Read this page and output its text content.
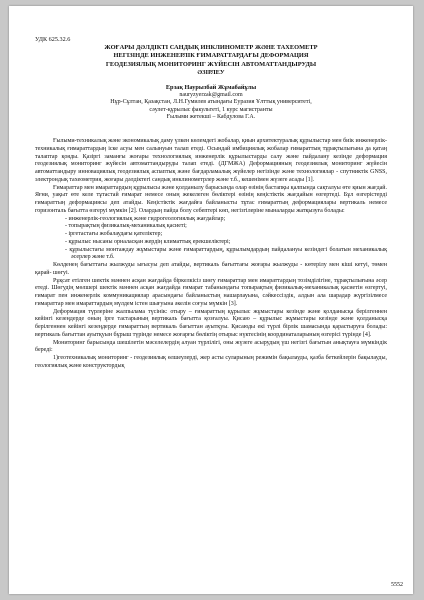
УДК 625.32.6
ЖОҒАРЫ ДӘЛДІКТІ САНДЫҚ ИНКЛИНОМЕТР ЖӘНЕ ТАХЕОМЕТР
НЕГІЗІНДЕ ИНЖЕНЕРЛІК ҒИМАРАТТАРДАҒЫ ДЕФОРМАЦИЯ
ГЕОДЕЗИЯЛЫҚ МОНИТОРИНГ ЖҮЙЕСІН АВТОМАТТАНДЫРУДЫ
ӘЗІРЛЕУ
Ерзақ Наурызбай Жұмабайұлы
nauryzyerzak@gmail.com
Нұр-Сұлтан, Қазақстан, Л.Н.Гумилев атындағы Еуразия Ұлттық университеті,
сәулет-құрылыс факультеті, 1 курс магистранты
Ғылыми жетекші – Кабдулова Г.А.

Ғылыми-техникалық және экономикалық даму үлкен көлемдегі жобалар, қиын архитектуралық құрылыстар мен биік инженерлік-техникалық ғимараттардың іске асуы мен салынуын талап етеді. Осындай имбициялық жобалар ғимараттың тұрақтылығына да қатаң талаптар қояды. Қазіргі заманғы жоғары технологиялық инженерлік құрылыстарды салу және пайдалану кезінде деформация геодезиялық мониторинг жүйесін автоматтандыруды талап етеді. (ДГМЖА) Деформацияның геодезиялық мониторинг жүйесін автоматтандыру инновациялық геодезиялық аспаптық және бағдарламалық жүйелер негізінде және технологиялар - спутниктік GNSS, электрондық тахеометрия, жоғары дәлдіктегі сандық инклинометрлер және т.б., кешенімен жүзеге асады [1].

Ғимараттар мен имараттардың құрылысы және қолданылу барысында олар өзінің бастапқы қалпында сақталуы өте қиын жағдай. Яғни, уақыт өте келе тұтастай ғимарат немесе оның жекелеген бөліктері өзінің кеңістіктік жағдайын өзгертеді. Бұл өзгерістерді ғимараттың деформациясы деп атайды. Кеңістіктік жағдайға байланысты тұтас ғимараттың деформациялары вертикаль немесе горизонталь бағытта өзгеруі мүмкін [2]. Олардың пайда болу себептері көп, негізгілеріне мыналарды жатқызуға болады:

- инженерлік-геологиялық және гидрогеологиялық жағдайлар;
- топырақтың физикалық-механикалық қасиеті;
- іргетастағы жобалаудағы қателіктер;
- құрылыс нысаны орналасқан жердің климаттық ерекшеліктері;
- құрылыстағы монтаждау жұмыстары және ғимараттардың, құрылымдардың пайдалануы кезіндегі болатын механикалық әсерлер және т.б.

Көлденең бағыттағы жылжуды ығысуы деп атайды, вертикаль бағыттағы жоғары жылжуды - көтерілу мен кіші кетуі, төмен қарай- шөгуі.

Рұқсат етілген шектік мәннен асқан жағдайда біркелкісіз шөгу ғимараттар мен имараттардың тозімділігіне, тұрақтылығына әсер етеді. Шөгудің мөлшері шектік мәннен асқан жағдайда ғимарат табанындағы топырақтың физикалық-механикалық қасиетін өзгертуі, ғимарат пен инженерлік коммуникациялар арасындағы байланыстың нашарлауына, сәйкессіздік, алдын ала шарадар жүргізілмесе ғимараттар мен имараттардың мүлдем істен шығуына әкелін соғуы мүмкін [3].

Деформация түрлеріне жалпылама түсінік: отыру – ғимараттың құрылыс жұмыстары кезінде және қолданысқа берілгеннен кейінгі кезеңдерде оның ірге тастарының вертикаль бағытта қозғалуы. Қисаю – құрылыс жұмыстары кезінде және қолданысқа берілгеннен кейінгі кезеңдерде ғимараттың вертикаль бағыттан ауытқуы. Қисаюды екі түрлі бірлік шамасында қарастыруға болады: вертикаль бағыттан ауытқуын бұрыш түрінде немесе жоғарғы бөліктің отырыс нүктесінің координаталарының өзгерісі түрінде [4].

Мониторинг барысында шешілетін мәселелердің алуан түрлілігі, оны жүзеге асырудың үш негізгі бағытын анықтауға мүмкіндік береді:

1)геотехникалық мониторинг - геодезиялық өлшеулерді, жер асты суларының режимін бақылауды, қазба беткейлерін бақылауды, геологиялық және конструктордық

5552
